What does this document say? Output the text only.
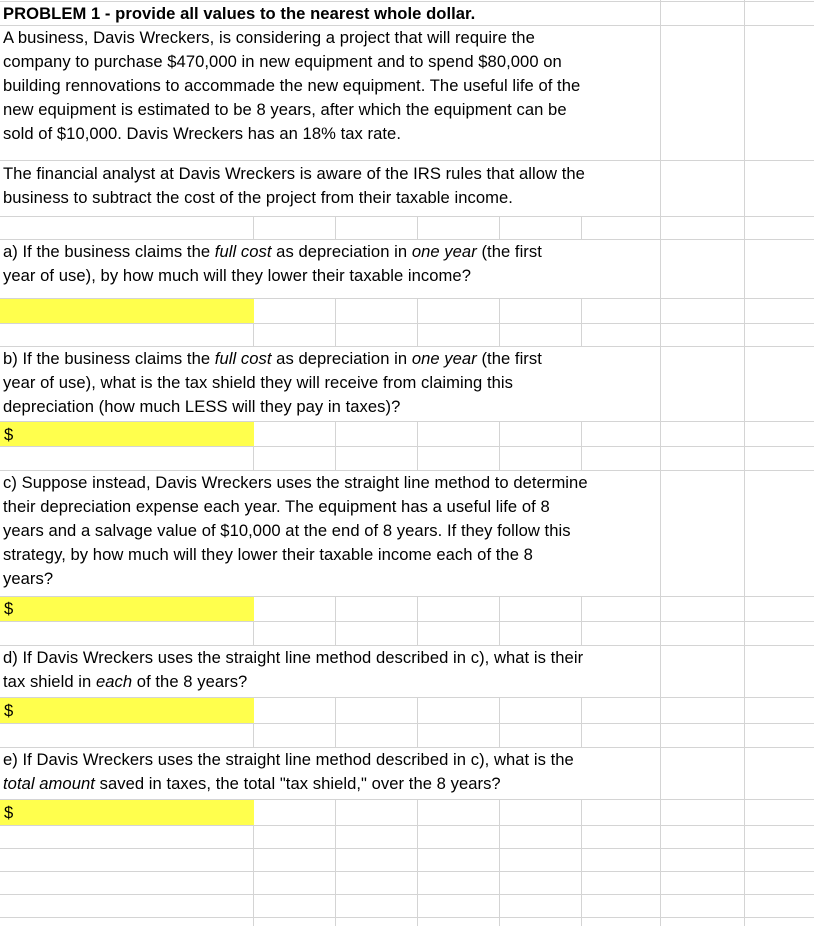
PROBLEM 1 - provide all values to the nearest whole dollar.
A business, Davis Wreckers, is considering a project that will require the
company to purchase $470,000 in new equipment and to spend $80,000 on
building rennovations to accommade the new equipment. The useful life of the
new equipment is estimated to be 8 years, after which the equipment can be
sold of $10,000. Davis Wreckers has an 18% tax rate.
The financial analyst at Davis Wreckers is aware of the IRS rules that allow the
business to subtract the cost of the project from their taxable income.
a) If the business claims the full cost as depreciation in one year (the first
year of use), by how much will they lower their taxable income?
b) If the business claims the full cost as depreciation in one year (the first
year of use), what is the tax shield they will receive from claiming this
depreciation (how much LESS will they pay in taxes)?
$
c) Suppose instead, Davis Wreckers uses the straight line method to determine
their depreciation expense each year. The equipment has a useful life of 8
years and a salvage value of $10,000 at the end of 8 years. If they follow this
strategy, by how much will they lower their taxable income each of the 8
years?
$
d) If Davis Wreckers uses the straight line method described in c), what is their
tax shield in each of the 8 years?
$
e) If Davis Wreckers uses the straight line method described in c), what is the
total amount saved in taxes, the total "tax shield," over the 8 years?
$
